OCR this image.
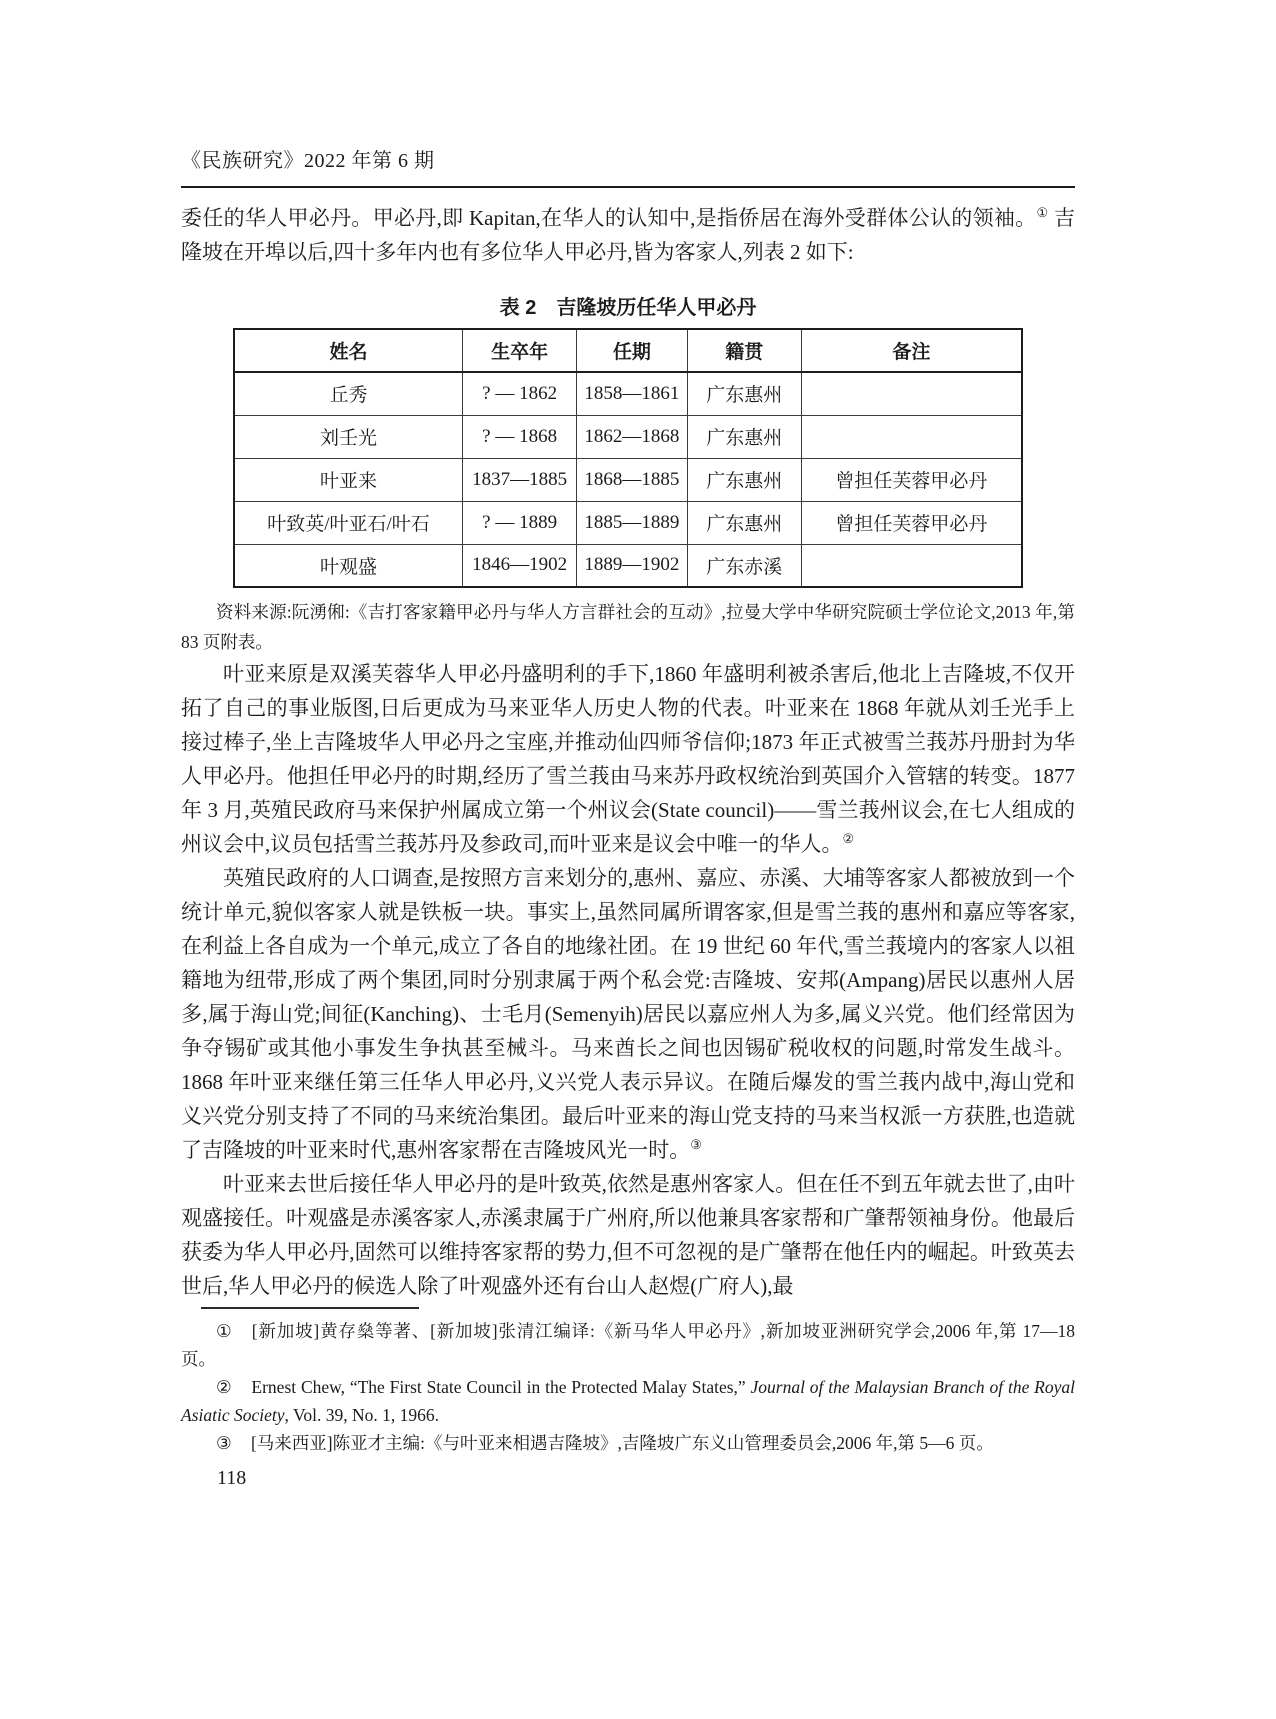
《民族研究》2022 年第 6 期

委任的华人甲必丹。甲必丹,即 Kapitan,在华人的认知中,是指侨居在海外受群体公认的领袖。① 吉隆坡在开埠以后,四十多年内也有多位华人甲必丹,皆为客家人,列表 2 如下:

表 2 吉隆坡历任华人甲必丹
姓名	生卒年	任期	籍贯	备注
丘秀	? — 1862	1858—1861	广东惠州	
刘壬光	? — 1868	1862—1868	广东惠州	
叶亚来	1837—1885	1868—1885	广东惠州	曾担任芙蓉甲必丹
叶致英/叶亚石/叶石	? — 1889	1885—1889	广东惠州	曾担任芙蓉甲必丹
叶观盛	1846—1902	1889—1902	广东赤溪	

资料来源:阮湧俰:《吉打客家籍甲必丹与华人方言群社会的互动》,拉曼大学中华研究院硕士学位论文,2013 年,第 83 页附表。

叶亚来原是双溪芙蓉华人甲必丹盛明利的手下,1860 年盛明利被杀害后,他北上吉隆坡,不仅开拓了自己的事业版图,日后更成为马来亚华人历史人物的代表。叶亚来在 1868 年就从刘壬光手上接过棒子,坐上吉隆坡华人甲必丹之宝座,并推动仙四师爷信仰;1873 年正式被雪兰莪苏丹册封为华人甲必丹。他担任甲必丹的时期,经历了雪兰莪由马来苏丹政权统治到英国介入管辖的转变。1877 年 3 月,英殖民政府马来保护州属成立第一个州议会(State council)——雪兰莪州议会,在七人组成的州议会中,议员包括雪兰莪苏丹及参政司,而叶亚来是议会中唯一的华人。②

英殖民政府的人口调查,是按照方言来划分的,惠州、嘉应、赤溪、大埔等客家人都被放到一个统计单元,貌似客家人就是铁板一块。事实上,虽然同属所谓客家,但是雪兰莪的惠州和嘉应等客家,在利益上各自成为一个单元,成立了各自的地缘社团。在 19 世纪 60 年代,雪兰莪境内的客家人以祖籍地为纽带,形成了两个集团,同时分别隶属于两个私会党:吉隆坡、安邦(Ampang)居民以惠州人居多,属于海山党;间征(Kanching)、士毛月(Semenyih)居民以嘉应州人为多,属义兴党。他们经常因为争夺锡矿或其他小事发生争执甚至械斗。马来酋长之间也因锡矿税收权的问题,时常发生战斗。1868 年叶亚来继任第三任华人甲必丹,义兴党人表示异议。在随后爆发的雪兰莪内战中,海山党和义兴党分别支持了不同的马来统治集团。最后叶亚来的海山党支持的马来当权派一方获胜,也造就了吉隆坡的叶亚来时代,惠州客家帮在吉隆坡风光一时。③

叶亚来去世后接任华人甲必丹的是叶致英,依然是惠州客家人。但在任不到五年就去世了,由叶观盛接任。叶观盛是赤溪客家人,赤溪隶属于广州府,所以他兼具客家帮和广肇帮领袖身份。他最后获委为华人甲必丹,固然可以维持客家帮的势力,但不可忽视的是广肇帮在他任内的崛起。叶致英去世后,华人甲必丹的候选人除了叶观盛外还有台山人赵煜(广府人),最

① [新加坡]黄存燊等著、[新加坡]张清江编译:《新马华人甲必丹》,新加坡亚洲研究学会,2006 年,第 17—18 页。

② Ernest Chew, “The First State Council in the Protected Malay States,” Journal of the Malaysian Branch of the Royal Asiatic Society, Vol. 39, No. 1, 1966.

③ [马来西亚]陈亚才主编:《与叶亚来相遇吉隆坡》,吉隆坡广东义山管理委员会,2006 年,第 5—6 页。

118
